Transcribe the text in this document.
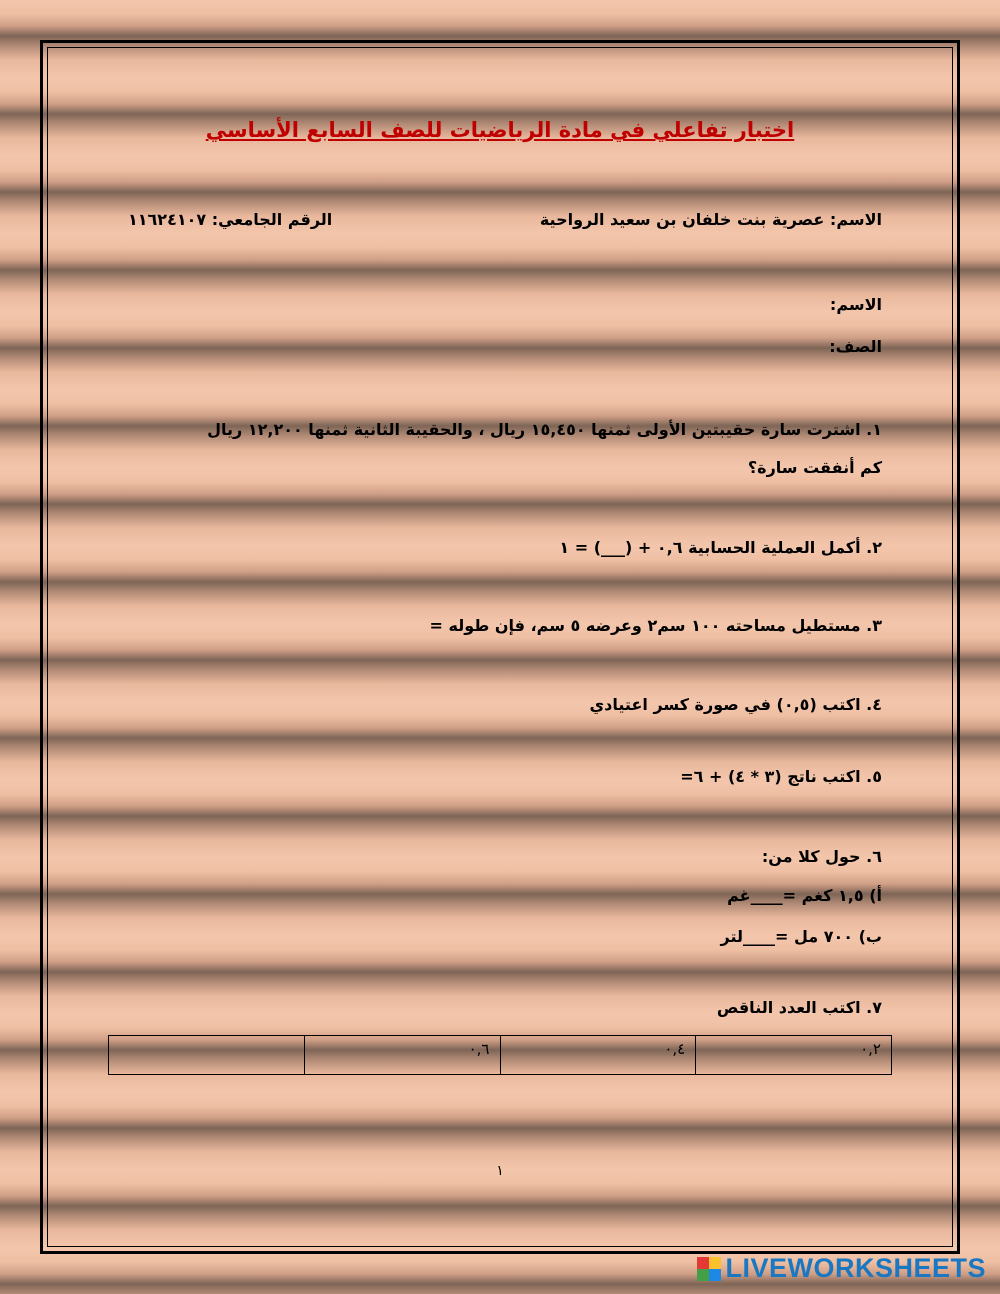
اختبار تفاعلي في مادة الرياضيات للصف السابع الأساسي
الاسم: عصرية بنت خلفان بن سعيد الرواحية
الرقم الجامعي: ١١٦٢٤١٠٧
الاسم:
الصف:
١. اشترت سارة حقيبتين الأولى ثمنها ١٥,٤٥٠ ريال ، والحقيبة الثانية ثمنها ١٢,٢٠٠ ريال
كم أنفقت سارة؟
٢. أكمل العملية الحسابية ٠,٦ + (___) = ١
٣. مستطيل مساحته ١٠٠ سم٢ وعرضه ٥ سم، فإن طوله =
٤. اكتب (٠,٥) في صورة كسر اعتيادي
٥. اكتب ناتج (٣ * ٤) + ٦=
٦. حول كلا من:
أ) ١,٥ كغم =____غم
ب) ٧٠٠ مل =____لتر
٧. اكتب العدد الناقص
٠,٢	٠,٤	٠,٦	
١
LIVEWORKSHEETS
